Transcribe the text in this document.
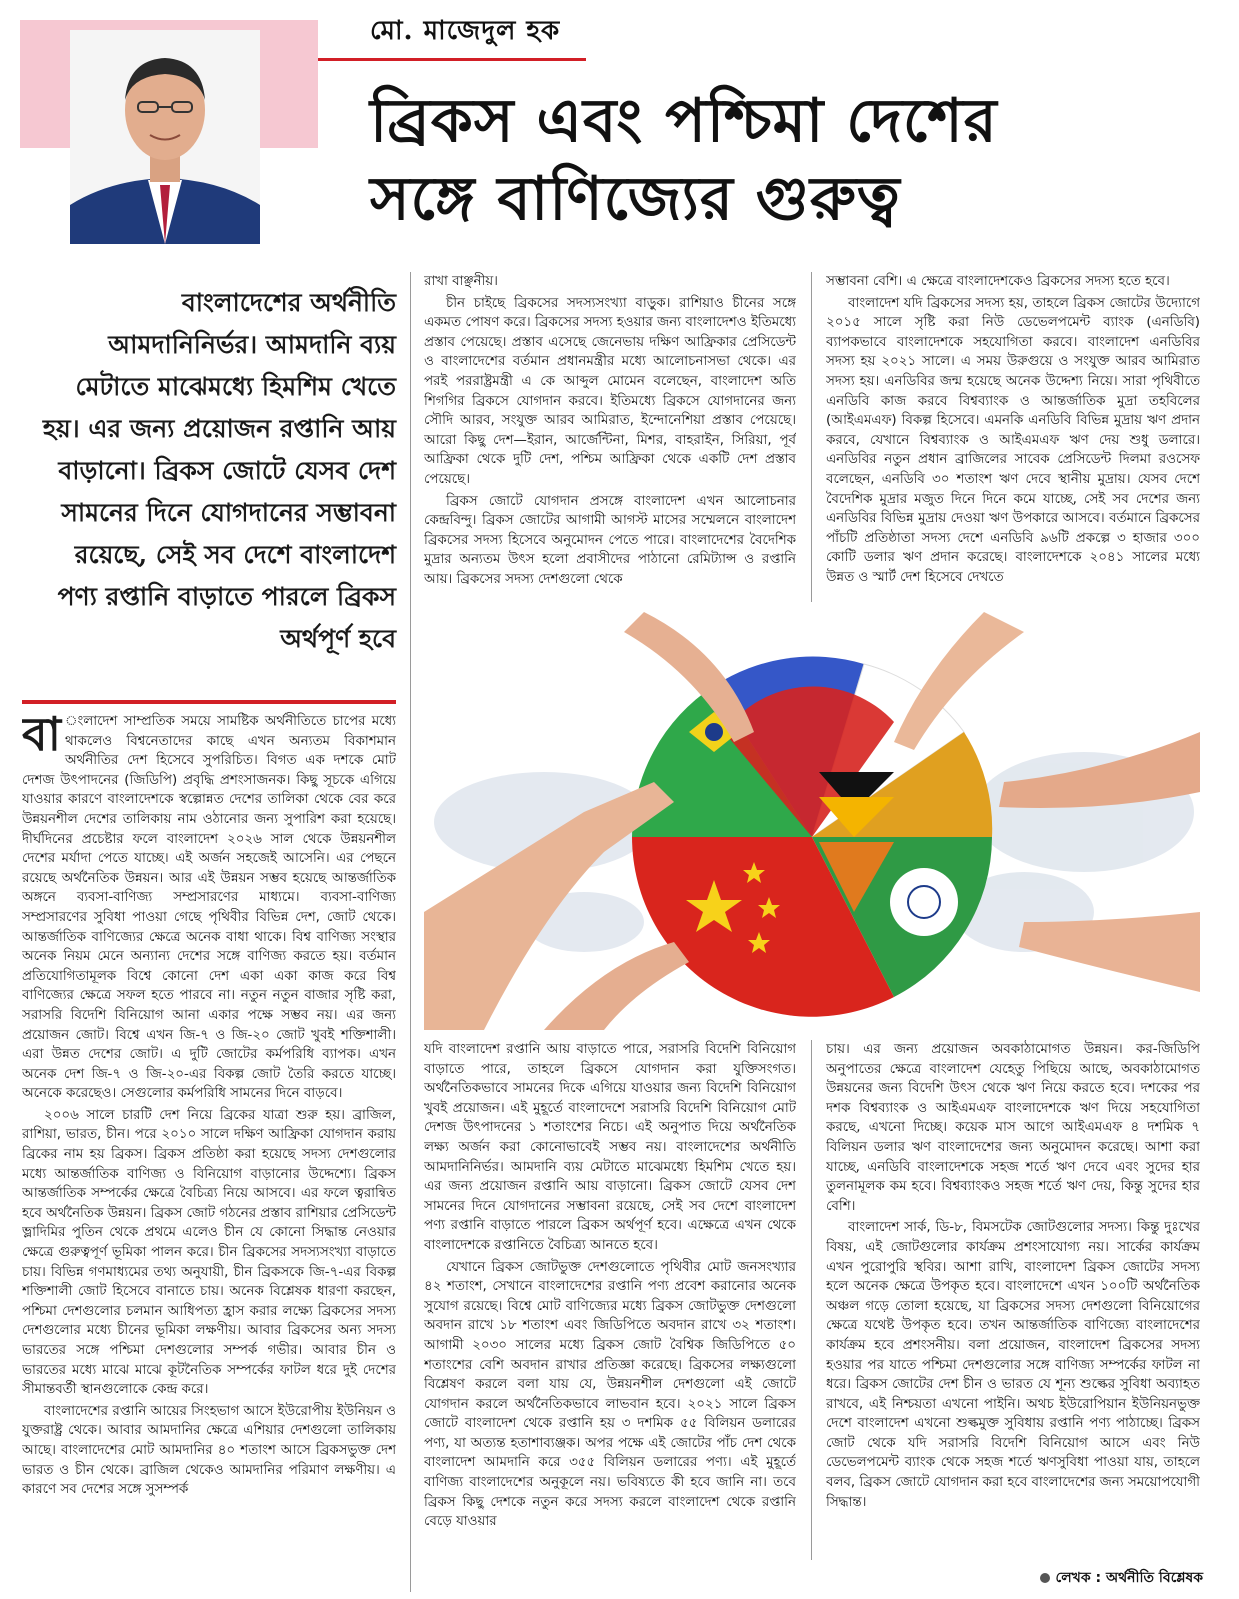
মো. মাজেদুল হক
ব্রিকস এবং পশ্চিমা দেশের
সঙ্গে বাণিজ্যের গুরুত্ব
বাংলাদেশের অর্থনীতি আমদানিনির্ভর। আমদানি ব্যয় মেটাতে মাঝেমধ্যে হিমশিম খেতে হয়। এর জন্য প্রয়োজন রপ্তানি আয় বাড়ানো। ব্রিকস জোটে যেসব দেশ সামনের দিনে যোগদানের সম্ভাবনা রয়েছে, সেই সব দেশে বাংলাদেশ পণ্য রপ্তানি বাড়াতে পারলে ব্রিকস অর্থপূর্ণ হবে

বা ংলাদেশ সাম্প্রতিক সময়ে সামষ্টিক অর্থনীতিতে চাপের মধ্যে থাকলেও বিশ্বনেতাদের কাছে এখন অন্যতম বিকাশমান অর্থনীতির দেশ হিসেবে সুপরিচিত। বিগত এক দশকে মোট দেশজ উৎপাদনের (জিডিপি) প্রবৃদ্ধি প্রশংসাজনক। কিছু সূচকে এগিয়ে যাওয়ার কারণে বাংলাদেশকে স্বল্পোন্নত দেশের তালিকা থেকে বের করে উন্নয়নশীল দেশের তালিকায় নাম ওঠানোর জন্য সুপারিশ করা হয়েছে। দীর্ঘদিনের প্রচেষ্টার ফলে বাংলাদেশ ২০২৬ সাল থেকে উন্নয়নশীল দেশের মর্যাদা পেতে যাচ্ছে। এই অর্জন সহজেই আসেনি। এর পেছনে রয়েছে অর্থনৈতিক উন্নয়ন। আর এই উন্নয়ন সম্ভব হয়েছে আন্তর্জাতিক অঙ্গনে ব্যবসা-বাণিজ্য সম্প্রসারণের মাধ্যমে। ব্যবসা-বাণিজ্য সম্প্রসারণের সুবিধা পাওয়া গেছে পৃথিবীর বিভিন্ন দেশ, জোট থেকে। আন্তর্জাতিক বাণিজ্যের ক্ষেত্রে অনেক বাধা থাকে। বিশ্ব বাণিজ্য সংস্থার অনেক নিয়ম মেনে অন্যান্য দেশের সঙ্গে বাণিজ্য করতে হয়। বর্তমান প্রতিযোগিতামূলক বিশ্বে কোনো দেশ একা একা কাজ করে বিশ্ব বাণিজ্যের ক্ষেত্রে সফল হতে পারবে না। নতুন নতুন বাজার সৃষ্টি করা, সরাসরি বিদেশি বিনিয়োগ আনা একার পক্ষে সম্ভব নয়। এর জন্য প্রয়োজন জোট। বিশ্বে এখন জি-৭ ও জি-২০ জোট খুবই শক্তিশালী। এরা উন্নত দেশের জোট। এ দুটি জোটের কর্মপরিধি ব্যাপক। এখন অনেক দেশ জি-৭ ও জি-২০-এর বিকল্প জোট তৈরি করতে যাচ্ছে। অনেকে করেছেও। সেগুলোর কর্মপরিধি সামনের দিনে বাড়বে।

২০০৬ সালে চারটি দেশ নিয়ে ব্রিকের যাত্রা শুরু হয়। ব্রাজিল, রাশিয়া, ভারত, চীন। পরে ২০১০ সালে দক্ষিণ আফ্রিকা যোগদান করায় ব্রিকের নাম হয় ব্রিকস। ব্রিকস প্রতিষ্ঠা করা হয়েছে সদস্য দেশগুলোর মধ্যে আন্তর্জাতিক বাণিজ্য ও বিনিয়োগ বাড়ানোর উদ্দেশ্যে। ব্রিকস আন্তর্জাতিক সম্পর্কের ক্ষেত্রে বৈচিত্র্য নিয়ে আসবে। এর ফলে ত্বরান্বিত হবে অর্থনৈতিক উন্নয়ন। ব্রিকস জোট গঠনের প্রস্তাব রাশিয়ার প্রেসিডেন্ট ভ্লাদিমির পুতিন থেকে প্রথমে এলেও চীন যে কোনো সিদ্ধান্ত নেওয়ার ক্ষেত্রে গুরুত্বপূর্ণ ভূমিকা পালন করে। চীন ব্রিকসের সদস্যসংখ্যা বাড়াতে চায়। বিভিন্ন গণমাধ্যমের তথ্য অনুযায়ী, চীন ব্রিকসকে জি-৭-এর বিকল্প শক্তিশালী জোট হিসেবে বানাতে চায়। অনেক বিশ্লেষক ধারণা করছেন, পশ্চিমা দেশগুলোর চলমান আধিপত্য হ্রাস করার লক্ষ্যে ব্রিকসের সদস্য দেশগুলোর মধ্যে চীনের ভূমিকা লক্ষণীয়। আবার ব্রিকসের অন্য সদস্য ভারতের সঙ্গে পশ্চিমা দেশগুলোর সম্পর্ক গভীর। আবার চীন ও ভারতের মধ্যে মাঝে মাঝে কূটনৈতিক সম্পর্কের ফাটল ধরে দুই দেশের সীমান্তবর্তী স্থানগুলোকে কেন্দ্র করে।

বাংলাদেশের রপ্তানি আয়ের সিংহভাগ আসে ইউরোপীয় ইউনিয়ন ও যুক্তরাষ্ট্র থেকে। আবার আমদানির ক্ষেত্রে এশিয়ার দেশগুলো তালিকায় আছে। বাংলাদেশের মোট আমদানির ৪০ শতাংশ আসে ব্রিকসভুক্ত দেশ ভারত ও চীন থেকে। ব্রাজিল থেকেও আমদানির পরিমাণ লক্ষণীয়। এ কারণে সব দেশের সঙ্গে সুসম্পর্ক

রাখা বাঞ্ছনীয়।

চীন চাইছে ব্রিকসের সদস্যসংখ্যা বাড়ুক। রাশিয়াও চীনের সঙ্গে একমত পোষণ করে। ব্রিকসের সদস্য হওয়ার জন্য বাংলাদেশও ইতিমধ্যে প্রস্তাব পেয়েছে। প্রস্তাব এসেছে জেনেভায় দক্ষিণ আফ্রিকার প্রেসিডেন্ট ও বাংলাদেশের বর্তমান প্রধানমন্ত্রীর মধ্যে আলোচনাসভা থেকে। এর পরই পররাষ্ট্রমন্ত্রী এ কে আব্দুল মোমেন বলেছেন, বাংলাদেশ অতি শিগগির ব্রিকসে যোগদান করবে। ইতিমধ্যে ব্রিকসে যোগদানের জন্য সৌদি আরব, সংযুক্ত আরব আমিরাত, ইন্দোনেশিয়া প্রস্তাব পেয়েছে। আরো কিছু দেশ—ইরান, আর্জেন্টিনা, মিশর, বাহরাইন, সিরিয়া, পূর্ব আফ্রিকা থেকে দুটি দেশ, পশ্চিম আফ্রিকা থেকে একটি দেশ প্রস্তাব পেয়েছে।

ব্রিকস জোটে যোগদান প্রসঙ্গে বাংলাদেশ এখন আলোচনার কেন্দ্রবিন্দু। ব্রিকস জোটের আগামী আগস্ট মাসের সম্মেলনে বাংলাদেশ ব্রিকসের সদস্য হিসেবে অনুমোদন পেতে পারে। বাংলাদেশের বৈদেশিক মুদ্রার অন্যতম উৎস হলো প্রবাসীদের পাঠানো রেমিট্যান্স ও রপ্তানি আয়। ব্রিকসের সদস্য দেশগুলো থেকে

সম্ভাবনা বেশি। এ ক্ষেত্রে বাংলাদেশকেও ব্রিকসের সদস্য হতে হবে।

বাংলাদেশ যদি ব্রিকসের সদস্য হয়, তাহলে ব্রিকস জোটের উদ্যোগে ২০১৫ সালে সৃষ্টি করা নিউ ডেভেলপমেন্ট ব্যাংক (এনডিবি) ব্যাপকভাবে বাংলাদেশকে সহযোগিতা করবে। বাংলাদেশ এনডিবির সদস্য হয় ২০২১ সালে। এ সময় উরুগুয়ে ও সংযুক্ত আরব আমিরাত সদস্য হয়। এনডিবির জন্ম হয়েছে অনেক উদ্দেশ্য নিয়ে। সারা পৃথিবীতে এনডিবি কাজ করবে বিশ্বব্যাংক ও আন্তর্জাতিক মুদ্রা তহবিলের (আইএমএফ) বিকল্প হিসেবে। এমনকি এনডিবি বিভিন্ন মুদ্রায় ঋণ প্রদান করবে, যেখানে বিশ্বব্যাংক ও আইএমএফ ঋণ দেয় শুধু ডলারে। এনডিবির নতুন প্রধান ব্রাজিলের সাবেক প্রেসিডেন্ট দিলমা রওসেফ বলেছেন, এনডিবি ৩০ শতাংশ ঋণ দেবে স্থানীয় মুদ্রায়। যেসব দেশে বৈদেশিক মুদ্রার মজুত দিনে দিনে কমে যাচ্ছে, সেই সব দেশের জন্য এনডিবির বিভিন্ন মুদ্রায় দেওয়া ঋণ উপকারে আসবে। বর্তমানে ব্রিকসের পাঁচটি প্রতিষ্ঠাতা সদস্য দেশে এনডিবি ৯৬টি প্রকল্পে ৩ হাজার ৩০০ কোটি ডলার ঋণ প্রদান করেছে। বাংলাদেশকে ২০৪১ সালের মধ্যে উন্নত ও স্মার্ট দেশ হিসেবে দেখতে

যদি বাংলাদেশ রপ্তানি আয় বাড়াতে পারে, সরাসরি বিদেশি বিনিয়োগ বাড়াতে পারে, তাহলে ব্রিকসে যোগদান করা যুক্তিসংগত। অর্থনৈতিকভাবে সামনের দিকে এগিয়ে যাওয়ার জন্য বিদেশি বিনিয়োগ খুবই প্রয়োজন। এই মুহূর্তে বাংলাদেশে সরাসরি বিদেশি বিনিয়োগ মোট দেশজ উৎপাদনের ১ শতাংশের নিচে। এই অনুপাত দিয়ে অর্থনৈতিক লক্ষ্য অর্জন করা কোনোভাবেই সম্ভব নয়। বাংলাদেশের অর্থনীতি আমদানিনির্ভর। আমদানি ব্যয় মেটাতে মাঝেমধ্যে হিমশিম খেতে হয়। এর জন্য প্রয়োজন রপ্তানি আয় বাড়ানো। ব্রিকস জোটে যেসব দেশ সামনের দিনে যোগদানের সম্ভাবনা রয়েছে, সেই সব দেশে বাংলাদেশ পণ্য রপ্তানি বাড়াতে পারলে ব্রিকস অর্থপূর্ণ হবে। এক্ষেত্রে এখন থেকে বাংলাদেশকে রপ্তানিতে বৈচিত্র্য আনতে হবে।

যেখানে ব্রিকস জোটভুক্ত দেশগুলোতে পৃথিবীর মোট জনসংখ্যার ৪২ শতাংশ, সেখানে বাংলাদেশের রপ্তানি পণ্য প্রবেশ করানোর অনেক সুযোগ রয়েছে। বিশ্বে মোট বাণিজ্যের মধ্যে ব্রিকস জোটভুক্ত দেশগুলো অবদান রাখে ১৮ শতাংশ এবং জিডিপিতে অবদান রাখে ৩২ শতাংশ। আগামী ২০৩০ সালের মধ্যে ব্রিকস জোট বৈশ্বিক জিডিপিতে ৫০ শতাংশের বেশি অবদান রাখার প্রতিজ্ঞা করেছে। ব্রিকসের লক্ষ্যগুলো বিশ্লেষণ করলে বলা যায় যে, উন্নয়নশীল দেশগুলো এই জোটে যোগদান করলে অর্থনৈতিকভাবে লাভবান হবে। ২০২১ সালে ব্রিকস জোটে বাংলাদেশ থেকে রপ্তানি হয় ৩ দশমিক ৫৫ বিলিয়ন ডলারের পণ্য, যা অত্যন্ত হতাশাব্যঞ্জক। অপর পক্ষে এই জোটের পাঁচ দেশ থেকে বাংলাদেশ আমদানি করে ৩৫৫ বিলিয়ন ডলারের পণ্য। এই মুহূর্তে বাণিজ্য বাংলাদেশের অনুকূলে নয়। ভবিষ্যতে কী হবে জানি না। তবে ব্রিকস কিছু দেশকে নতুন করে সদস্য করলে বাংলাদেশ থেকে রপ্তানি বেড়ে যাওয়ার

চায়। এর জন্য প্রয়োজন অবকাঠামোগত উন্নয়ন। কর-জিডিপি অনুপাতের ক্ষেত্রে বাংলাদেশ যেহেতু পিছিয়ে আছে, অবকাঠামোগত উন্নয়নের জন্য বিদেশি উৎস থেকে ঋণ নিয়ে করতে হবে। দশকের পর দশক বিশ্বব্যাংক ও আইএমএফ বাংলাদেশকে ঋণ দিয়ে সহযোগিতা করছে, এখনো দিচ্ছে। কয়েক মাস আগে আইএমএফ ৪ দশমিক ৭ বিলিয়ন ডলার ঋণ বাংলাদেশের জন্য অনুমোদন করেছে। আশা করা যাচ্ছে, এনডিবি বাংলাদেশকে সহজ শর্তে ঋণ দেবে এবং সুদের হার তুলনামূলক কম হবে। বিশ্বব্যাংকও সহজ শর্তে ঋণ দেয়, কিন্তু সুদের হার বেশি।

বাংলাদেশ সার্ক, ডি-৮, বিমসটেক জোটগুলোর সদস্য। কিন্তু দুঃখের বিষয়, এই জোটগুলোর কার্যক্রম প্রশংসাযোগ্য নয়। সার্কের কার্যক্রম এখন পুরোপুরি স্থবির। আশা রাখি, বাংলাদেশ ব্রিকস জোটের সদস্য হলে অনেক ক্ষেত্রে উপকৃত হবে। বাংলাদেশে এখন ১০০টি অর্থনৈতিক অঞ্চল গড়ে তোলা হয়েছে, যা ব্রিকসের সদস্য দেশগুলো বিনিয়োগের ক্ষেত্রে যথেষ্ট উপকৃত হবে। তখন আন্তর্জাতিক বাণিজ্যে বাংলাদেশের কার্যক্রম হবে প্রশংসনীয়। বলা প্রয়োজন, বাংলাদেশ ব্রিকসের সদস্য হওয়ার পর যাতে পশ্চিমা দেশগুলোর সঙ্গে বাণিজ্য সম্পর্কের ফাটল না ধরে। ব্রিকস জোটের দেশ চীন ও ভারত যে শূন্য শুল্কের সুবিধা অব্যাহত রাখবে, এই নিশ্চয়তা এখনো পাইনি। অথচ ইউরোপিয়ান ইউনিয়নভুক্ত দেশে বাংলাদেশ এখনো শুল্কমুক্ত সুবিধায় রপ্তানি পণ্য পাঠাচ্ছে। ব্রিকস জোট থেকে যদি সরাসরি বিদেশি বিনিয়োগ আসে এবং নিউ ডেভেলপমেন্ট ব্যাংক থেকে সহজ শর্তে ঋণসুবিধা পাওয়া যায়, তাহলে বলব, ব্রিকস জোটে যোগদান করা হবে বাংলাদেশের জন্য সময়োপযোগী সিদ্ধান্ত।

লেখক : অর্থনীতি বিশ্লেষক
